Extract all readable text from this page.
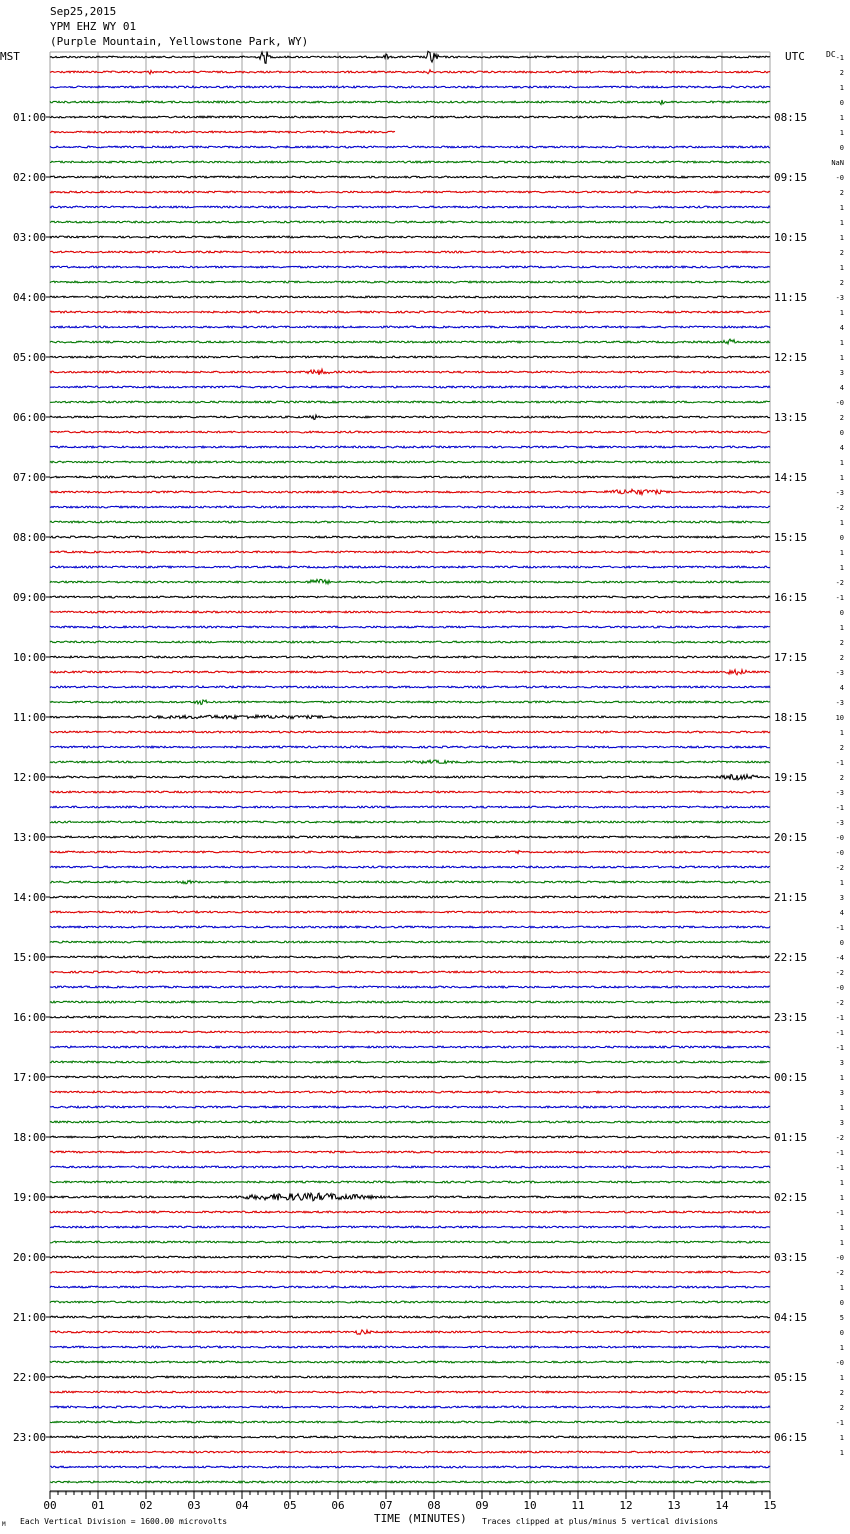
Sep25,2015
YPM EHZ WY 01
(Purple Mountain, Yellowstone Park, WY)
MST	UTC	DC
01:00
02:00
03:00
04:00
05:00
06:00
07:00
08:00
09:00
10:00
11:00
12:00
13:00
14:00
15:00
16:00
17:00
18:00
19:00
20:00
21:00
22:00
23:00
08:15
09:15
10:15
11:15
12:15
13:15
14:15
15:15
16:15
17:15
18:15
19:15
20:15
21:15
22:15
23:15
00:15
01:15
02:15
03:15
04:15
05:15
06:15
-1
2
1
0
1
1
0
NaN
-0
2
1
1
1
2
1
2
-3
1
4
1
1
3
4
-0
2
0
4
1
1
-3
-2
1
0
1
1
-2
-1
0
1
2
2
-3
4
-3
10
1
2
-1
2
-3
-1
-3
-0
-0
-2
1
3
4
-1
0
-4
-2
-0
-2
-1
-1
-1
3
1
3
1
3
-2
-1
-1
1
1
-1
1
1
-0
-2
1
0
5
0
1
-0
1
2
2
-1
1
1
00	01	02	03	04	05	06	07	08	09	10	11	12	13	14	15
TIME (MINUTES)
Each Vertical Division = 1600.00 microvolts	Traces clipped at plus/minus 5 vertical divisions
M
